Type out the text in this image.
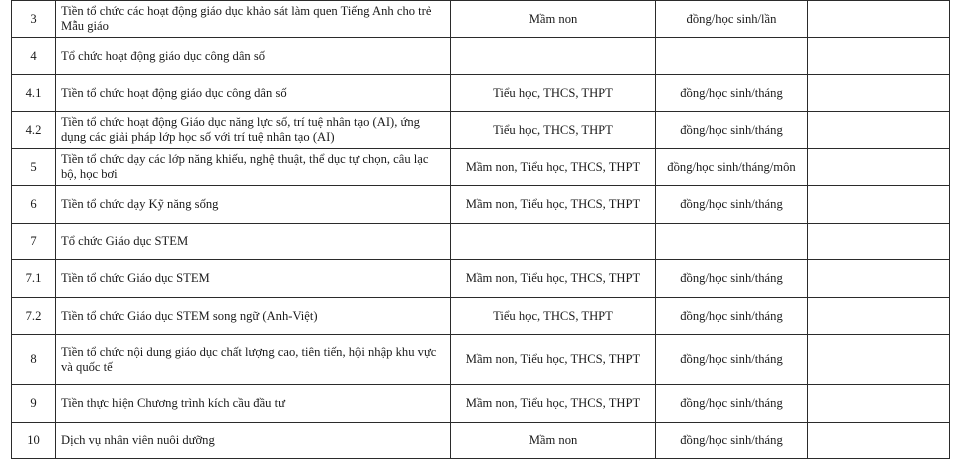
3	Tiền tổ chức các hoạt động giáo dục khảo sát làm quen Tiếng Anh cho trẻ Mẫu giáo	Mầm non	đồng/học sinh/lần	
4	Tổ chức hoạt động giáo dục công dân số			
4.1	Tiền tổ chức hoạt động giáo dục công dân số	Tiểu học, THCS, THPT	đồng/học sinh/tháng	
4.2	Tiền tổ chức hoạt động Giáo dục năng lực số, trí tuệ nhân tạo (AI), ứng dụng các giải pháp lớp học số với trí tuệ nhân tạo (AI)	Tiểu học, THCS, THPT	đồng/học sinh/tháng	
5	Tiền tổ chức dạy các lớp năng khiếu, nghệ thuật, thể dục tự chọn, câu lạc bộ, học bơi	Mầm non, Tiểu học, THCS, THPT	đồng/học sinh/tháng/môn	
6	Tiền tổ chức dạy Kỹ năng sống	Mầm non, Tiểu học, THCS, THPT	đồng/học sinh/tháng	
7	Tổ chức Giáo dục STEM			
7.1	Tiền tổ chức Giáo dục STEM	Mầm non, Tiểu học, THCS, THPT	đồng/học sinh/tháng	
7.2	Tiền tổ chức Giáo dục STEM song ngữ (Anh-Việt)	Tiểu học, THCS, THPT	đồng/học sinh/tháng	
8	Tiền tổ chức nội dung giáo dục chất lượng cao, tiên tiến, hội nhập khu vực và quốc tế	Mầm non, Tiểu học, THCS, THPT	đồng/học sinh/tháng	
9	Tiền thực hiện Chương trình kích cầu đầu tư	Mầm non, Tiểu học, THCS, THPT	đồng/học sinh/tháng	
10	Dịch vụ nhân viên nuôi dưỡng	Mầm non	đồng/học sinh/tháng	
